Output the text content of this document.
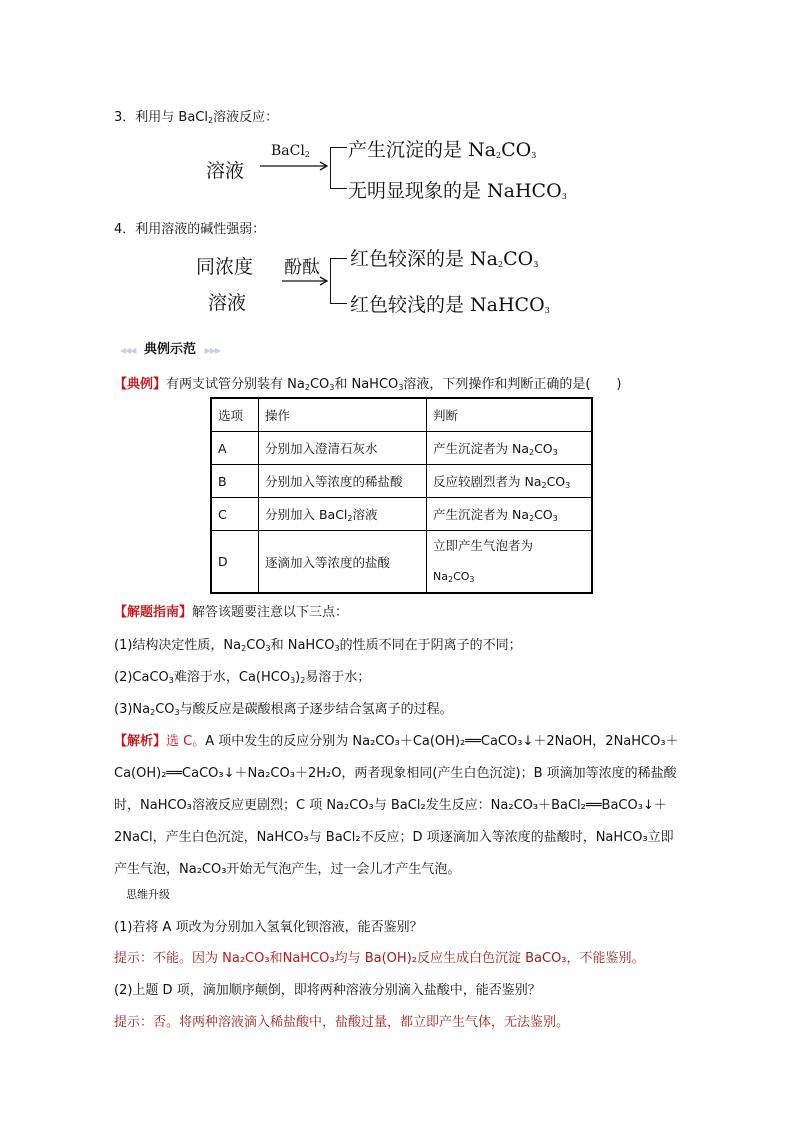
3．利用与 BaCl$_2$溶液反应：
溶液
BaCl$_2$ 产生沉淀的是 $Na_2CO_3$
无明显现象的是 NaHCO$_3$
4．利用溶液的碱性强弱：
同浓度
溶液
酚酞 红色较深的是 $Na_2CO_3$
红色较浅的是 NaHCO$_3$
◀◀◀ 典例示范 ▶▶▶
【典例】有两支试管分别装有 $Na_2CO_3$和 NaHCO$_3$溶液，下列操作和判断正确的是(　　)
选项	操作	判断
A	分别加入澄清石灰水	产生沉淀者为 $Na_2CO_3$
B	分别加入等浓度的稀盐酸	反应较剧烈者为 $Na_2CO_3$
C	分别加入 BaCl$_2$溶液	产生沉淀者为 $Na_2CO_3$
D	逐滴加入等浓度的盐酸	立即产生气泡者为
$Na_2CO_3$
【解题指南】解答该题要注意以下三点：
(1)结构决定性质，$Na_2CO_3$和 NaHCO$_3$的性质不同在于阴离子的不同；
(2)CaCO$_3$难溶于水，$Ca(HCO_3)_2$易溶于水；
$(3)Na_2CO_3$与酸反应是碳酸根离子逐步结合氢离子的过程。
【解析】选 C。A 项中发生的反应分别为 Na₂CO₃＋Ca(OH)₂══CaCO₃↓＋2NaOH，2NaHCO₃＋
Ca(OH)₂══CaCO₃↓＋Na₂CO₃＋2H₂O，两者现象相同(产生白色沉淀)；B 项滴加等浓度的稀盐酸
时，NaHCO₃溶液反应更剧烈；C 项 Na₂CO₃与 BaCl₂发生反应：Na₂CO₃＋BaCl₂══BaCO₃↓＋
2NaCl，产生白色沉淀，NaHCO₃与 BaCl₂不反应；D 项逐滴加入等浓度的盐酸时，NaHCO₃立即
产生气泡，Na₂CO₃开始无气泡产生，过一会儿才产生气泡。
思维升级
(1)若将 A 项改为分别加入氢氧化钡溶液，能否鉴别？
提示：不能。因为 Na₂CO₃和NaHCO₃均与 Ba(OH)₂反应生成白色沉淀 BaCO₃，不能鉴别。
(2)上题 D 项，滴加顺序颠倒，即将两种溶液分别滴入盐酸中，能否鉴别？
提示：否。将两种溶液滴入稀盐酸中，盐酸过量，都立即产生气体，无法鉴别。
